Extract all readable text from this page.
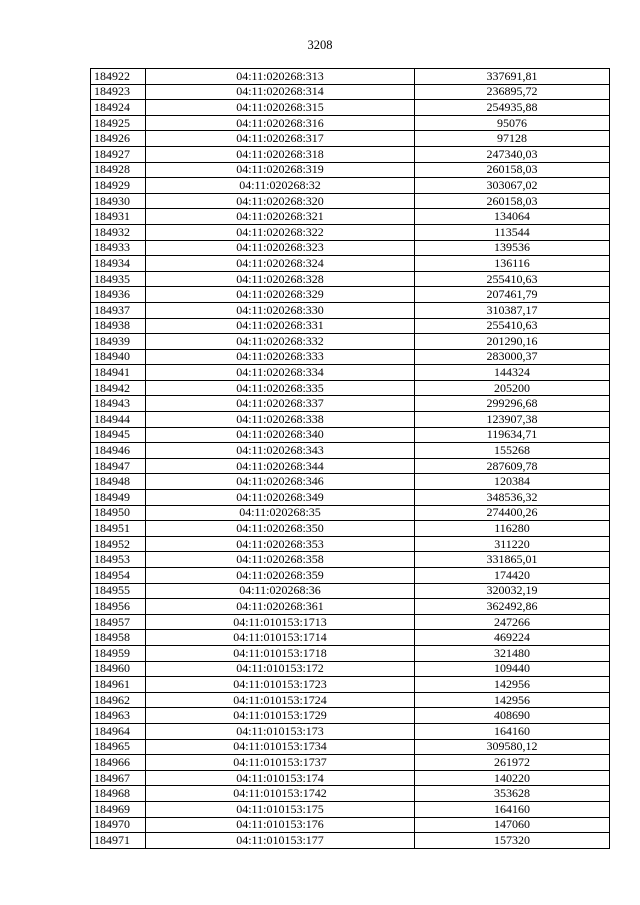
3208
184922	04:11:020268:313	337691,81
184923	04:11:020268:314	236895,72
184924	04:11:020268:315	254935,88
184925	04:11:020268:316	95076
184926	04:11:020268:317	97128
184927	04:11:020268:318	247340,03
184928	04:11:020268:319	260158,03
184929	04:11:020268:32	303067,02
184930	04:11:020268:320	260158,03
184931	04:11:020268:321	134064
184932	04:11:020268:322	113544
184933	04:11:020268:323	139536
184934	04:11:020268:324	136116
184935	04:11:020268:328	255410,63
184936	04:11:020268:329	207461,79
184937	04:11:020268:330	310387,17
184938	04:11:020268:331	255410,63
184939	04:11:020268:332	201290,16
184940	04:11:020268:333	283000,37
184941	04:11:020268:334	144324
184942	04:11:020268:335	205200
184943	04:11:020268:337	299296,68
184944	04:11:020268:338	123907,38
184945	04:11:020268:340	119634,71
184946	04:11:020268:343	155268
184947	04:11:020268:344	287609,78
184948	04:11:020268:346	120384
184949	04:11:020268:349	348536,32
184950	04:11:020268:35	274400,26
184951	04:11:020268:350	116280
184952	04:11:020268:353	311220
184953	04:11:020268:358	331865,01
184954	04:11:020268:359	174420
184955	04:11:020268:36	320032,19
184956	04:11:020268:361	362492,86
184957	04:11:010153:1713	247266
184958	04:11:010153:1714	469224
184959	04:11:010153:1718	321480
184960	04:11:010153:172	109440
184961	04:11:010153:1723	142956
184962	04:11:010153:1724	142956
184963	04:11:010153:1729	408690
184964	04:11:010153:173	164160
184965	04:11:010153:1734	309580,12
184966	04:11:010153:1737	261972
184967	04:11:010153:174	140220
184968	04:11:010153:1742	353628
184969	04:11:010153:175	164160
184970	04:11:010153:176	147060
184971	04:11:010153:177	157320
